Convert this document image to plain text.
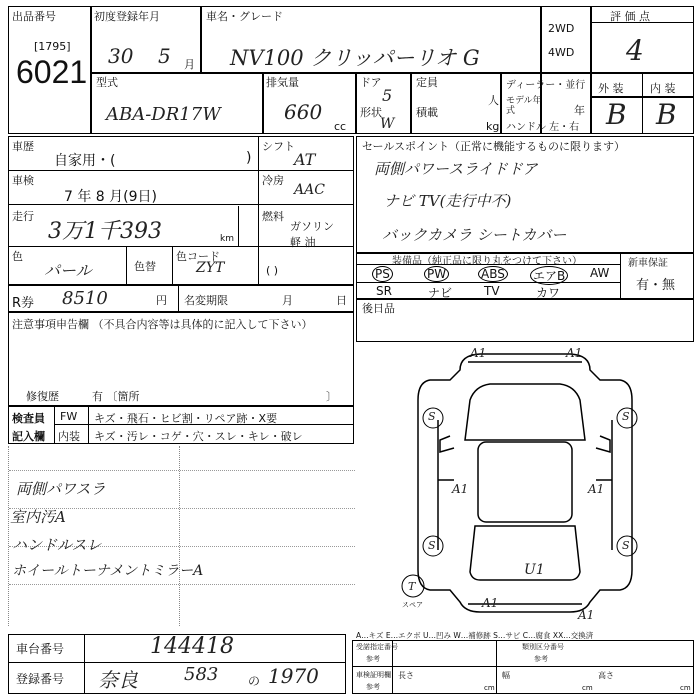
出品番号
[1795]
6021
初度登録年月
30 5 月
車名・グレード
NV100 クリッパーリオ G
2WD
4WD
評 価 点
4
型式
ABA-DR17W
排気量
660
cc
ドア
5
形状
W
定員
人
積載
kg
ディーラー・並行
モデル年式	年
ハンドル 左・右
外 装 内 装
B B
車歴
自家用・(	)
シフト
AT
車検
7 年 8 月(9日)
冷房
AAC
走行
3万1千393	km
燃料
ガソリン
軽 油
色
パール	色替
色コード
ZYT	( )
R券 8510	円 名変期限	月	日
セールスポイント（正常に機能するものに限ります）
両側パワースライドドア
ナビ TV(走行中不)
バックカメラ シートカバー
装備品（純正品に限り丸をつけて下さい）	新車保証
有・無
PS	PW	ABS エアB AW
SR	ナビ	TV	カワ
後日品
注意事項申告欄 （不具合内容等は具体的に記入して下さい）
修復歴	有 〔箇所	〕
検査員
記入欄
FW キズ・飛石・ヒビ割・リペア跡・X要
内装 キズ・汚レ・コゲ・穴・スレ・キレ・破レ
両側パワスラ
室内汚A
ハンドルスレ
ホイールトーナメントミラーA
A1	A1
S	S
A1	A1
S	S
U1
A1
A1
T
スペア
A…キズ E…エクボ U…凹み W…補修跡 S…サビ C…腐食 XX…交換済
車台番号	144418
登録番号 奈良	583 の 1970
受諾指定番号
参考
類別区分番号
参考
車検証明欄
参考
長さ
cm
幅
cm
高さ
cm
